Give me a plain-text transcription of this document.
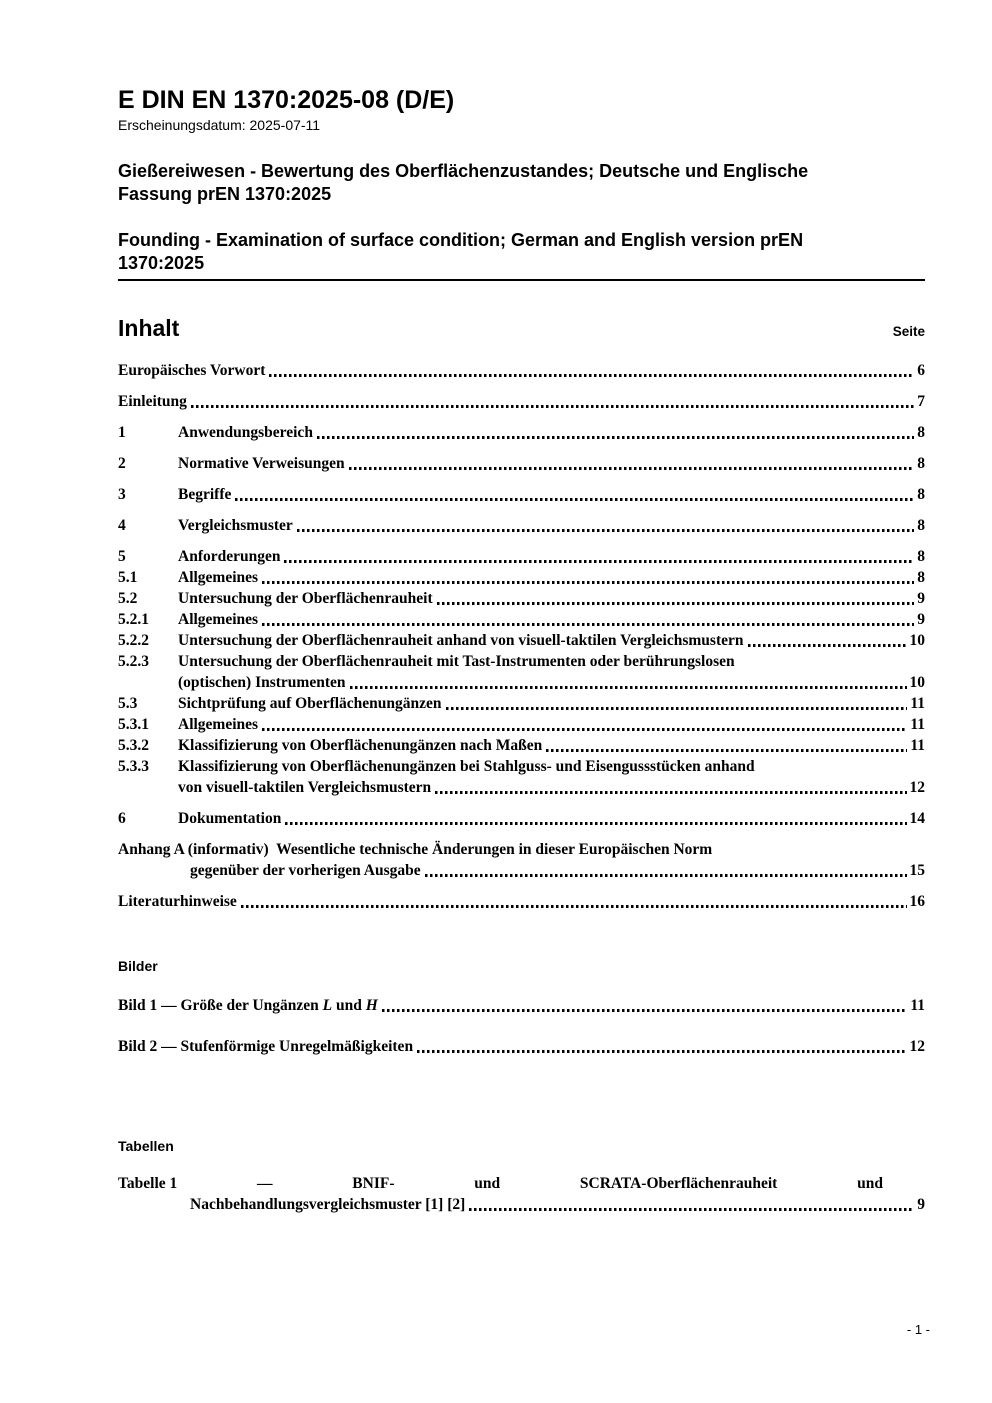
E DIN EN 1370:2025-08 (D/E)
Erscheinungsdatum: 2025-07-11
Gießereiwesen - Bewertung des Oberflächenzustandes; Deutsche und Englische
Fassung prEN 1370:2025
Founding - Examination of surface condition; German and English version prEN
1370:2025
Inhalt	Seite
Europäisches Vorwort	6
Einleitung	7
1	Anwendungsbereich	8
2	Normative Verweisungen	8
3	Begriffe	8
4	Vergleichsmuster	8
5	Anforderungen	8
5.1	Allgemeines	8
5.2	Untersuchung der Oberflächenrauheit	9
5.2.1	Allgemeines	9
5.2.2	Untersuchung der Oberflächenrauheit anhand von visuell-taktilen Vergleichsmustern	10
5.2.3	Untersuchung der Oberflächenrauheit mit Tast-Instrumenten oder berührungslosen
(optischen) Instrumenten	10
5.3	Sichtprüfung auf Oberflächenungänzen	11
5.3.1	Allgemeines	11
5.3.2	Klassifizierung von Oberflächenungänzen nach Maßen	11
5.3.3	Klassifizierung von Oberflächenungänzen bei Stahlguss- und Eisengussstücken anhand
von visuell-taktilen Vergleichsmustern	12
6	Dokumentation	14
Anhang A (informativ)  Wesentliche technische Änderungen in dieser Europäischen Norm
gegenüber der vorherigen Ausgabe	15
Literaturhinweise	16
Bilder
Bild 1 — Größe der Ungänzen L und H	11
Bild 2 — Stufenförmige Unregelmäßigkeiten	12
Tabellen
Tabelle 1	—	BNIF-	und	SCRATA-Oberflächenrauheit	und
Nachbehandlungsvergleichsmuster [1] [2]	9
- 1 -
